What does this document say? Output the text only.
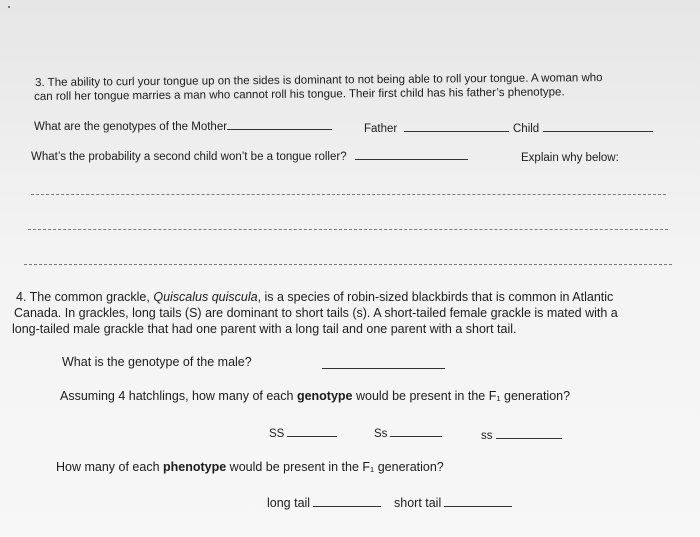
3. The ability to curl your tongue up on the sides is dominant to not being able to roll your tongue. A woman who
can roll her tongue marries a man who cannot roll his tongue. Their first child has his father’s phenotype.
What are the genotypes of the Mother	Father	Child
What’s the probability a second child won’t be a tongue roller?	Explain why below:
4. The common grackle, Quiscalus quiscula, is a species of robin-sized blackbirds that is common in Atlantic
Canada. In grackles, long tails (S) are dominant to short tails (s). A short-tailed female grackle is mated with a
long-tailed male grackle that had one parent with a long tail and one parent with a short tail.
What is the genotype of the male?
Assuming 4 hatchlings, how many of each genotype would be present in the F₁ generation?
SS	Ss	ss
How many of each phenotype would be present in the F₁ generation?
long tail	short tail
